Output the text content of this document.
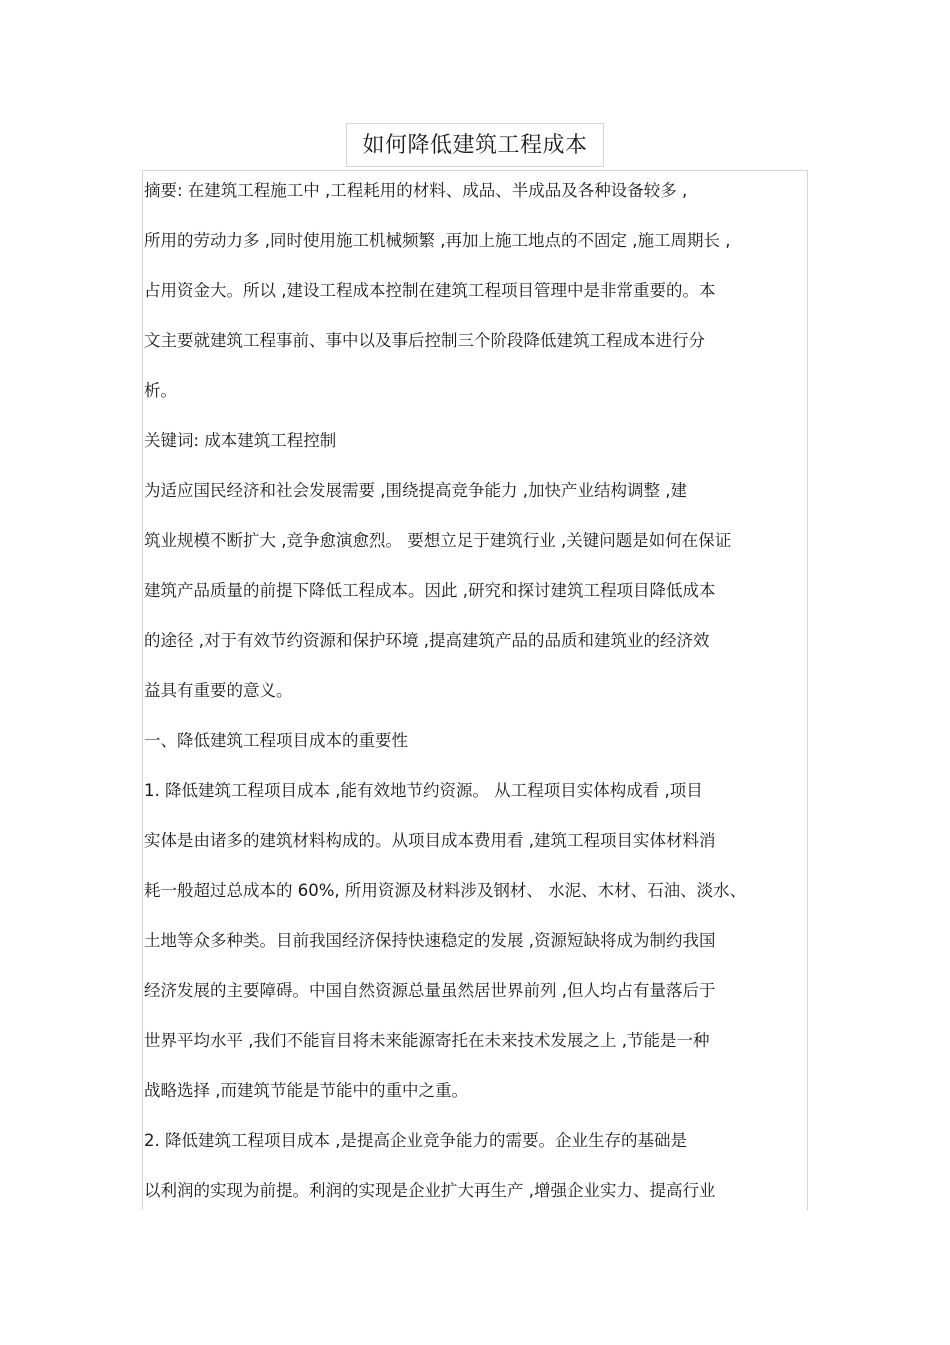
如何降低建筑工程成本

摘要: 在建筑工程施工中 ,工程耗用的材料、成品、半成品及各种设备较多 ,

所用的劳动力多 ,同时使用施工机械频繁 ,再加上施工地点的不固定 ,施工周期长 ,

占用资金大。所以 ,建设工程成本控制在建筑工程项目管理中是非常重要的。本

文主要就建筑工程事前、事中以及事后控制三个阶段降低建筑工程成本进行分

析。

关键词: 成本建筑工程控制

为适应国民经济和社会发展需要 ,围绕提高竞争能力 ,加快产业结构调整 ,建

筑业规模不断扩大 ,竞争愈演愈烈。 要想立足于建筑行业 ,关键问题是如何在保证

建筑产品质量的前提下降低工程成本。因此 ,研究和探讨建筑工程项目降低成本

的途径 ,对于有效节约资源和保护环境 ,提高建筑产品的品质和建筑业的经济效

益具有重要的意义。

一、降低建筑工程项目成本的重要性

1. 降低建筑工程项目成本 ,能有效地节约资源。 从工程项目实体构成看 ,项目

实体是由诸多的建筑材料构成的。从项目成本费用看 ,建筑工程项目实体材料消

耗一般超过总成本的 60%, 所用资源及材料涉及钢材、 水泥、木材、石油、淡水、

土地等众多种类。目前我国经济保持快速稳定的发展 ,资源短缺将成为制约我国

经济发展的主要障碍。中国自然资源总量虽然居世界前列 ,但人均占有量落后于

世界平均水平 ,我们不能盲目将未来能源寄托在未来技术发展之上 ,节能是一种

战略选择 ,而建筑节能是节能中的重中之重。

2. 降低建筑工程项目成本 ,是提高企业竞争能力的需要。企业生存的基础是

以利润的实现为前提。利润的实现是企业扩大再生产 ,增强企业实力、提高行业
